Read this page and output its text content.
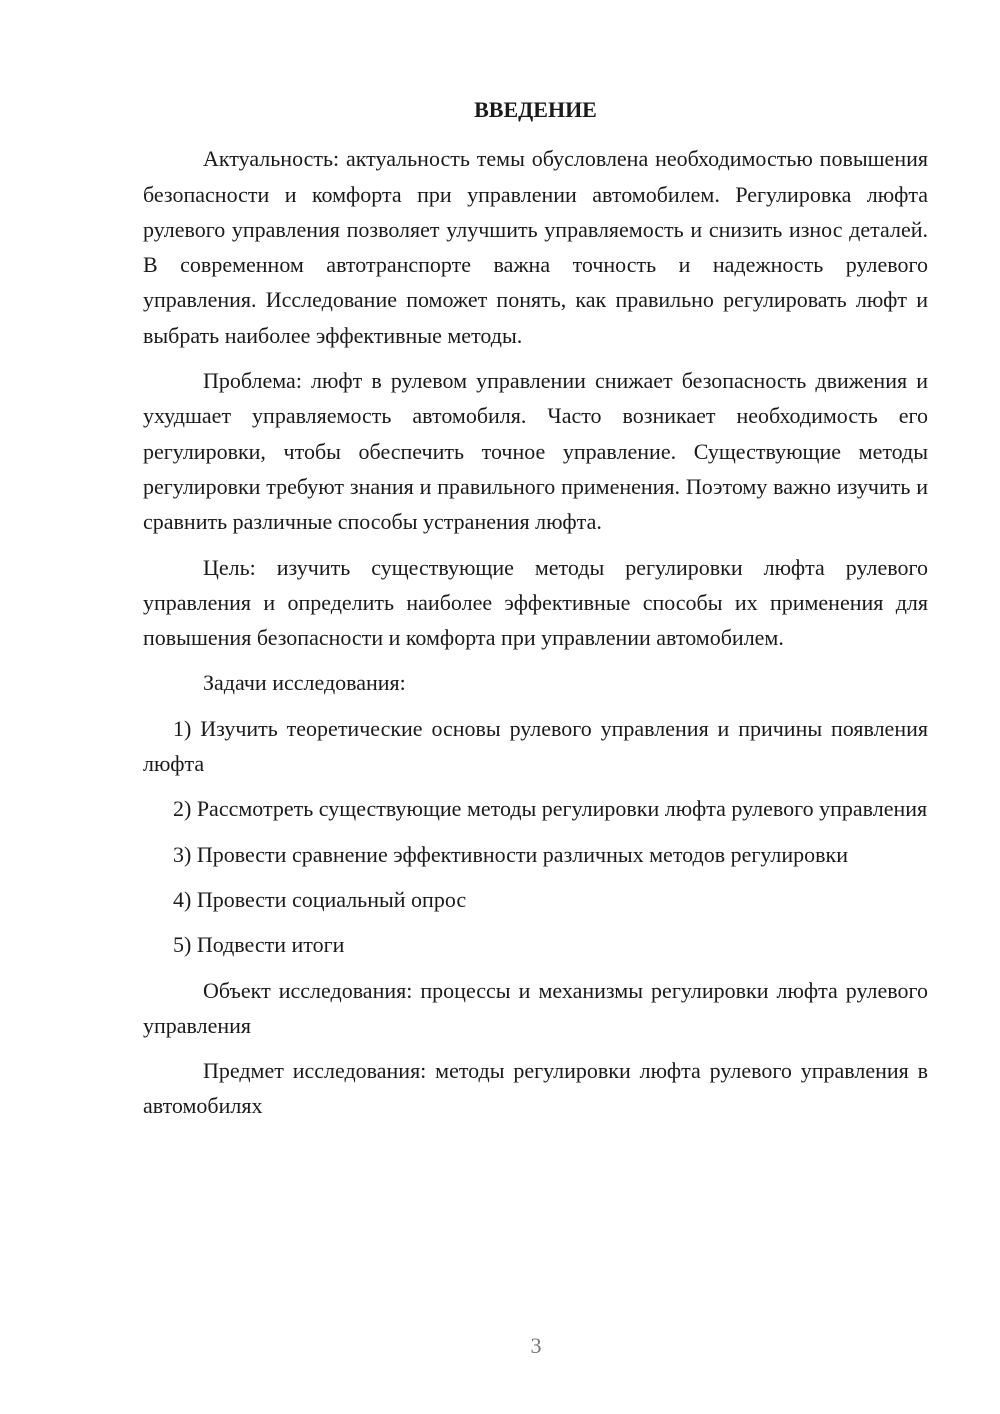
ВВЕДЕНИЕ

Актуальность: актуальность темы обусловлена необходимостью повышения безопасности и комфорта при управлении автомобилем. Регулировка люфта рулевого управления позволяет улучшить управляемость и снизить износ деталей. В современном автотранспорте важна точность и надежность рулевого управления. Исследование поможет понять, как правильно регулировать люфт и выбрать наиболее эффективные методы.

Проблема: люфт в рулевом управлении снижает безопасность движения и ухудшает управляемость автомобиля. Часто возникает необходимость его регулировки, чтобы обеспечить точное управление. Существующие методы регулировки требуют знания и правильного применения. Поэтому важно изучить и сравнить различные способы устранения люфта.

Цель: изучить существующие методы регулировки люфта рулевого управления и определить наиболее эффективные способы их применения для повышения безопасности и комфорта при управлении автомобилем.

Задачи исследования:

1) Изучить теоретические основы рулевого управления и причины появления люфта

2) Рассмотреть существующие методы регулировки люфта рулевого управления

3) Провести сравнение эффективности различных методов регулировки

4) Провести социальный опрос

5) Подвести итоги

Объект исследования: процессы и механизмы регулировки люфта рулевого управления

Предмет исследования: методы регулировки люфта рулевого управления в автомобилях

3
